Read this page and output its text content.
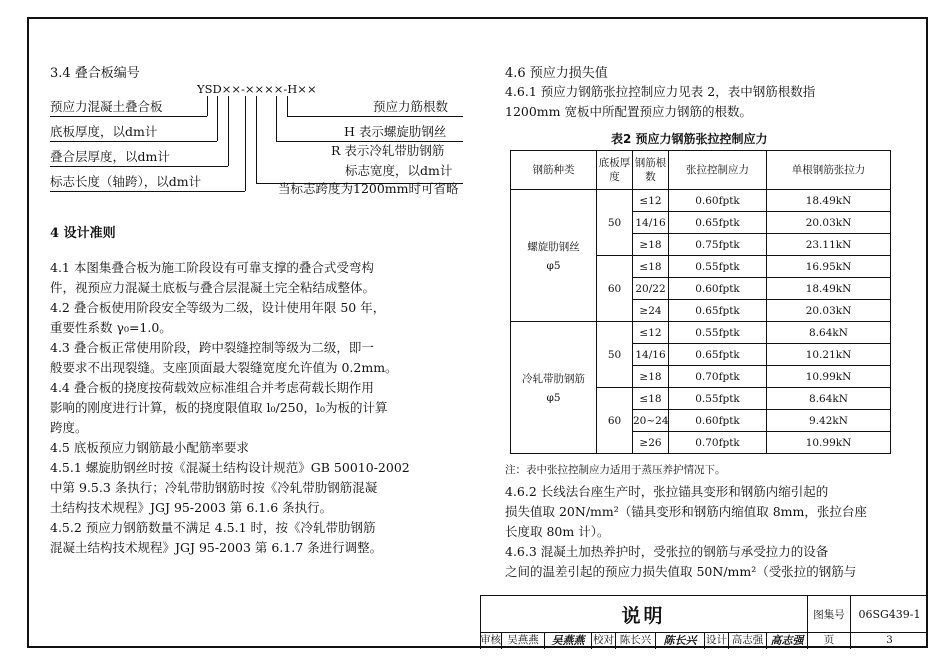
3.4 叠合板编号
YSD××-××××-H××
预应力混凝土叠合板
底板厚度，以dm计
叠合层厚度，以dm计
标志长度（轴跨），以dm计
预应力筋根数
H 表示螺旋肋钢丝
R 表示冷轧带肋钢筋
标志宽度，以dm计
当标志跨度为1200mm时可省略
4 设计准则
4.1 本图集叠合板为施工阶段设有可靠支撑的叠合式受弯构
件，视预应力混凝土底板与叠合层混凝土完全粘结成整体。
4.2 叠合板使用阶段安全等级为二级，设计使用年限 50 年，
重要性系数 γ₀=1.0。
4.3 叠合板正常使用阶段，跨中裂缝控制等级为二级，即一
般要求不出现裂缝。支座顶面最大裂缝宽度允许值为 0.2mm。
4.4 叠合板的挠度按荷载效应标准组合并考虑荷载长期作用
影响的刚度进行计算，板的挠度限值取 l₀/250，l₀为板的计算
跨度。
4.5 底板预应力钢筋最小配筋率要求
4.5.1 螺旋肋钢丝时按《混凝土结构设计规范》GB 50010-2002
中第 9.5.3 条执行；冷轧带肋钢筋时按《冷轧带肋钢筋混凝
土结构技术规程》JGJ 95-2003 第 6.1.6 条执行。
4.5.2 预应力钢筋数量不满足 4.5.1 时，按《冷轧带肋钢筋
混凝土结构技术规程》JGJ 95-2003 第 6.1.7 条进行调整。
4.6 预应力损失值
4.6.1 预应力钢筋张拉控制应力见表 2，表中钢筋根数指
1200mm 宽板中所配置预应力钢筋的根数。
表2 预应力钢筋张拉控制应力
钢筋种类	底板厚度	钢筋根数	张拉控制应力	单根钢筋张拉力

螺旋肋钢丝
φ5	50	≤12	0.60fptk	18.49kN
		14/16	0.65fptk	20.03kN
		≥18	0.75fptk	23.11kN
	60	≤18	0.55fptk	16.95kN
		20/22	0.60fptk	18.49kN
		≥24	0.65fptk	20.03kN

冷轧带肋钢筋
φ5	50	≤12	0.55fptk	8.64kN
		14/16	0.65fptk	10.21kN
		≥18	0.70fptk	10.99kN
	60	≤18	0.55fptk	8.64kN
		20~24	0.60fptk	9.42kN
		≥26	0.70fptk	10.99kN
注：表中张拉控制应力适用于蒸压养护情况下。
4.6.2 长线法台座生产时，张拉锚具变形和钢筋内缩引起的
损失值取 20N/mm²（锚具变形和钢筋内缩值取 8mm，张拉台座
长度取 80m 计）。
4.6.3 混凝土加热养护时，受张拉的钢筋与承受拉力的设备
之间的温差引起的预应力损失值取 50N/mm²（受张拉的钢筋与
说明	图集号	06SG439-1
审核 吴燕燕	吴燕燕 校对 陈长兴	陈长兴 设计 高志强 高志强	页	3
